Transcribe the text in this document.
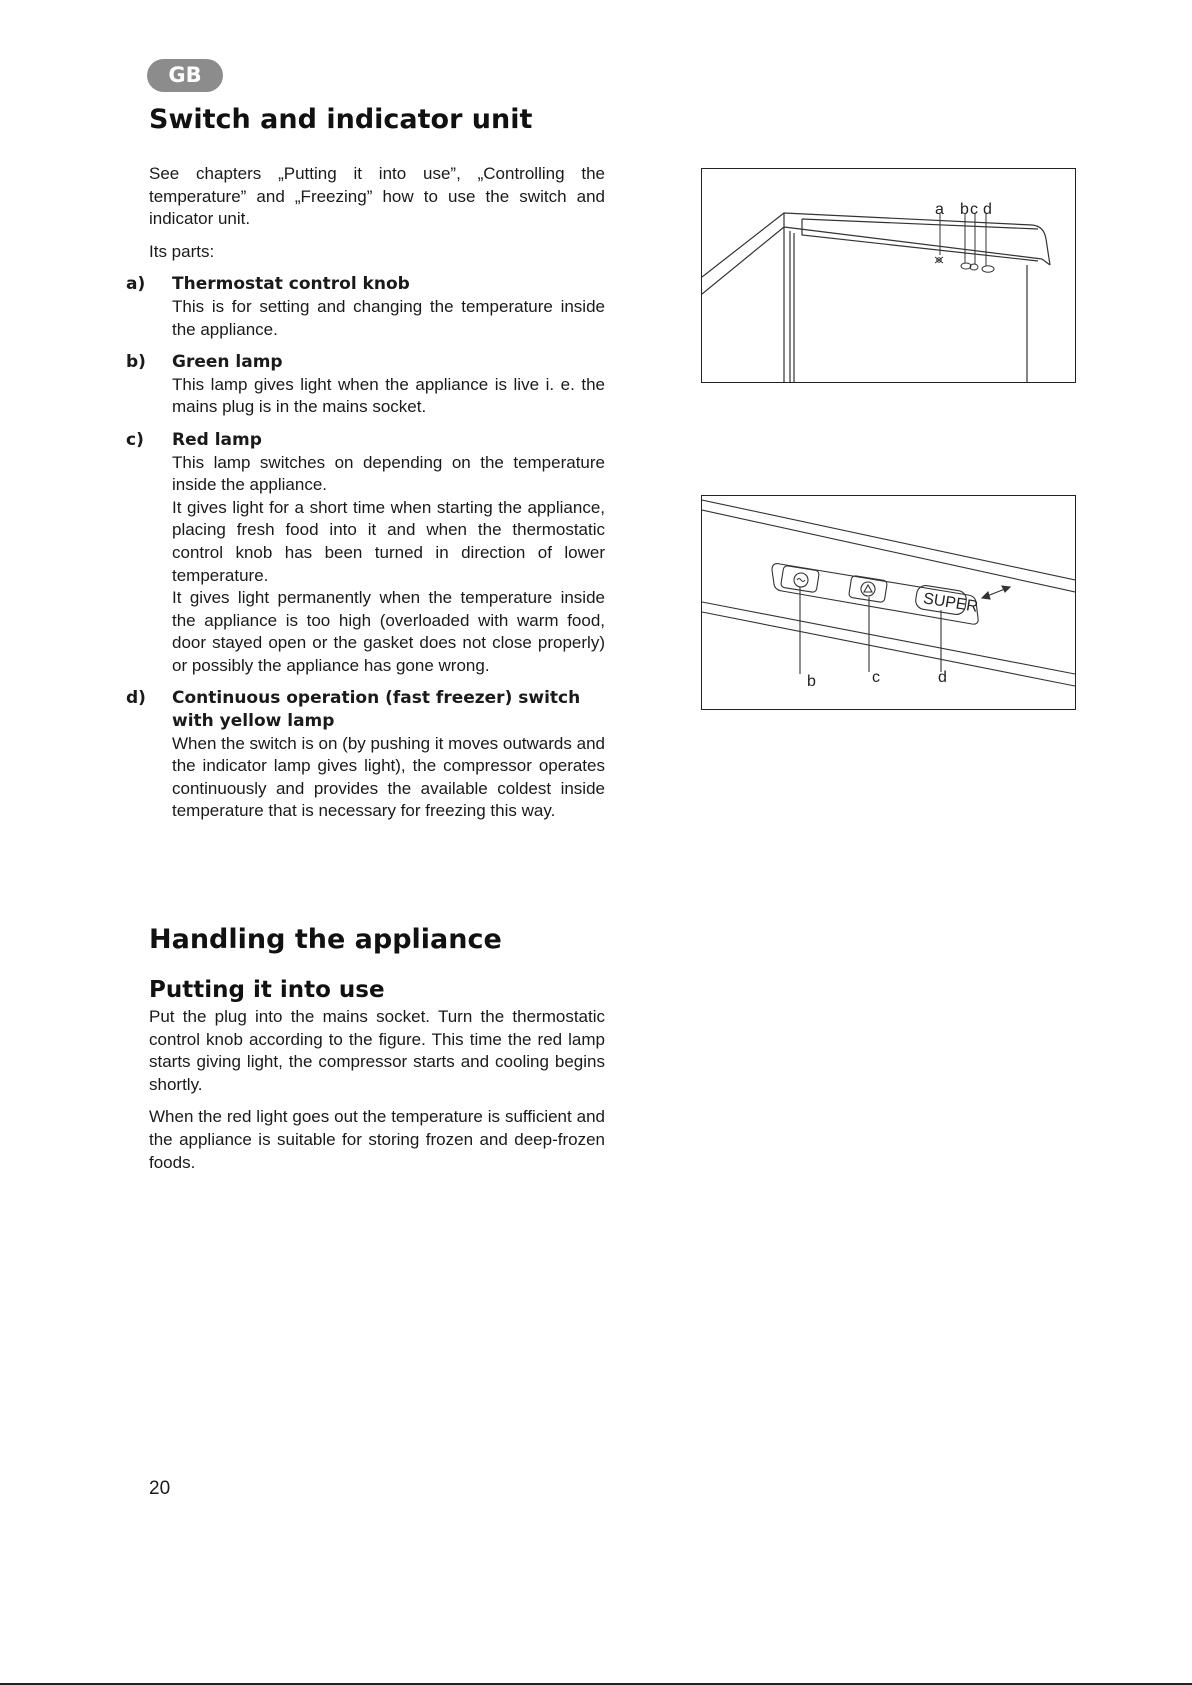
GB
Switch and indicator unit

See chapters „Putting it into use”, „Controlling the temperature” and „Freezing” how to use the switch and indicator unit.

Its parts:

a) Thermostat control knob

This is for setting and changing the temperature inside the appliance.

b) Green lamp

This lamp gives light when the appliance is live i. e. the mains plug is in the mains socket.

c) Red lamp

This lamp switches on depending on the temperature inside the appliance.

It gives light for a short time when starting the appliance, placing fresh food into it and when the thermostatic control knob has been turned in direction of lower temperature.

It gives light permanently when the temperature inside the appliance is too high (overloaded with warm food, door stayed open or the gasket does not close properly) or possibly the appliance has gone wrong.

d) Continuous operation (fast freezer) switch with yellow lamp

When the switch is on (by pushing it moves outwards and the indicator lamp gives light), the compressor operates continuously and provides the available coldest inside temperature that is necessary for freezing this way.

Handling the appliance
Putting it into use

Put the plug into the mains socket. Turn the thermostatic control knob according to the figure. This time the red lamp starts giving light, the compressor starts and cooling begins shortly.

When the red light goes out the temperature is sufficient and the appliance is suitable for storing frozen and deep-frozen foods.

a b c d
SUPER
b	c	d
20
